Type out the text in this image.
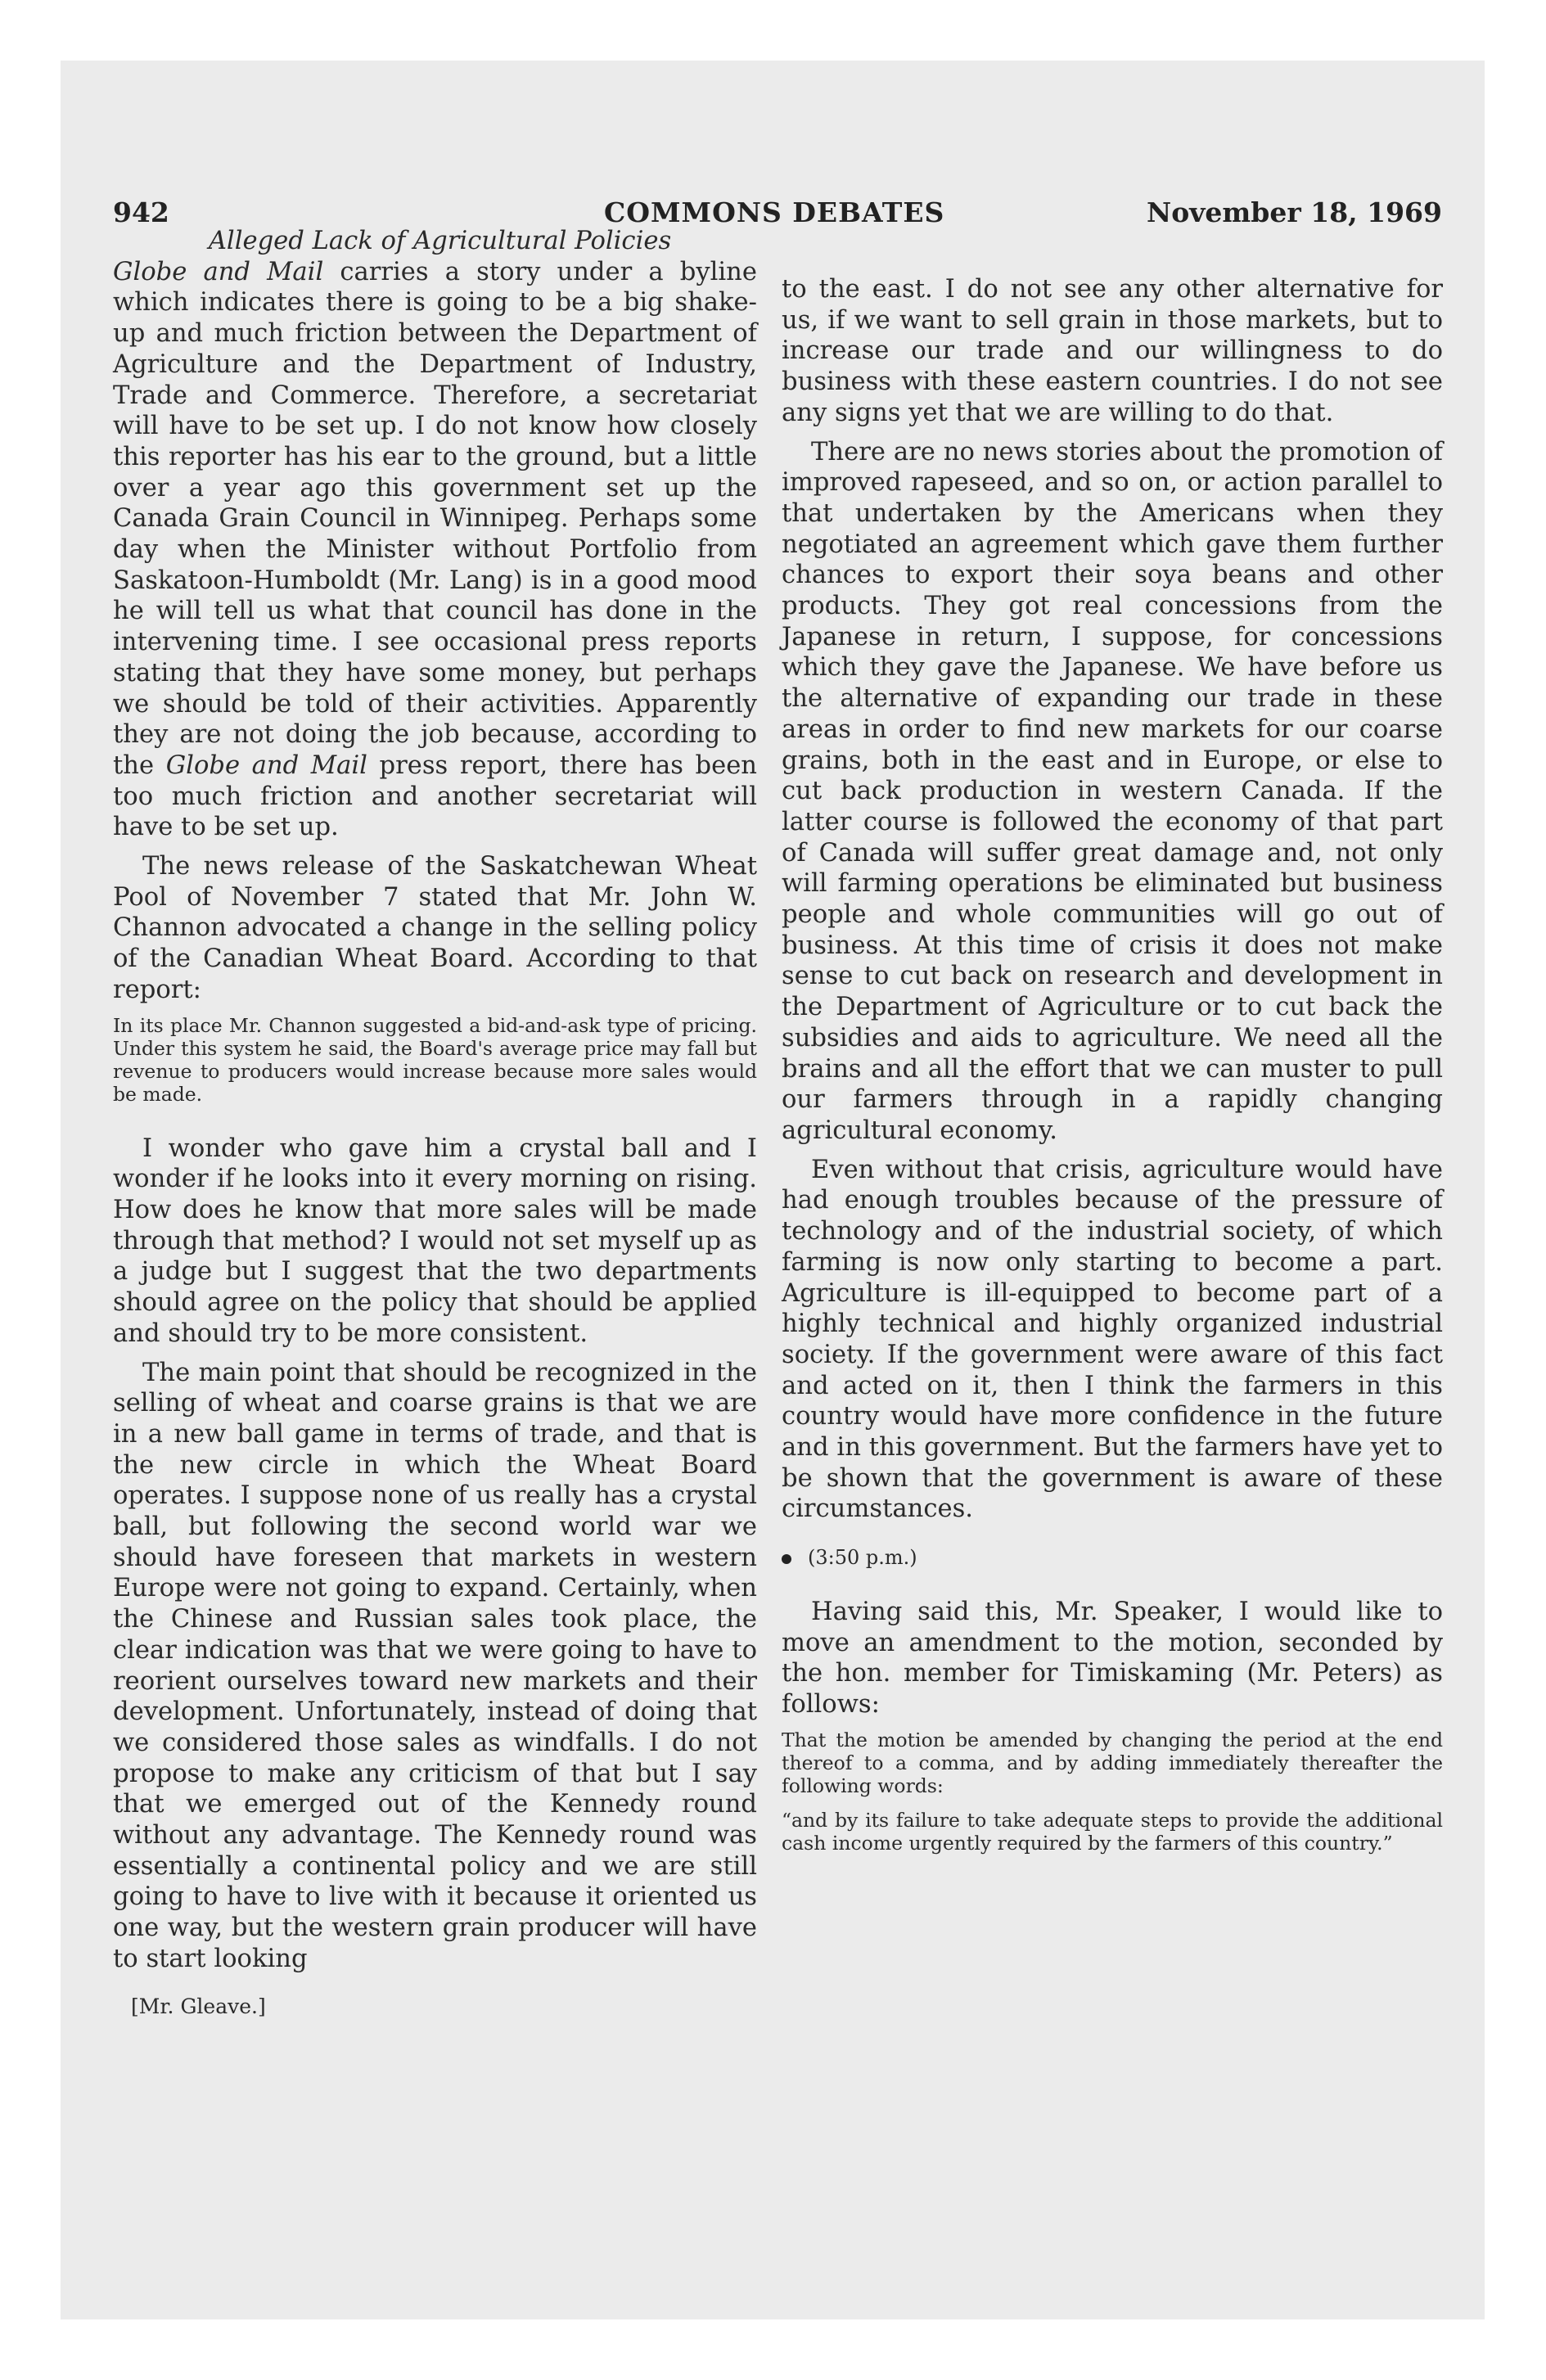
942	COMMONS DEBATES	November 18, 1969

Alleged Lack of Agricultural Policies

Globe and Mail carries a story under a byline which indicates there is going to be a big shake-up and much friction between the Department of Agriculture and the Department of Industry, Trade and Commerce. Therefore, a secretariat will have to be set up. I do not know how closely this reporter has his ear to the ground, but a little over a year ago this government set up the Canada Grain Council in Winnipeg. Perhaps some day when the Minister without Portfolio from Saskatoon-Humboldt (Mr. Lang) is in a good mood he will tell us what that council has done in the intervening time. I see occasional press reports stating that they have some money, but perhaps we should be told of their activities. Apparently they are not doing the job because, according to the Globe and Mail press report, there has been too much friction and another secretariat will have to be set up.

The news release of the Saskatchewan Wheat Pool of November 7 stated that Mr. John W. Channon advocated a change in the selling policy of the Canadian Wheat Board. According to that report:

In its place Mr. Channon suggested a bid-and-ask type of pricing. Under this system he said, the Board's average price may fall but revenue to producers would increase because more sales would be made.

I wonder who gave him a crystal ball and I wonder if he looks into it every morning on rising. How does he know that more sales will be made through that method? I would not set myself up as a judge but I suggest that the two departments should agree on the policy that should be applied and should try to be more consistent.

The main point that should be recognized in the selling of wheat and coarse grains is that we are in a new ball game in terms of trade, and that is the new circle in which the Wheat Board operates. I suppose none of us really has a crystal ball, but following the second world war we should have foreseen that markets in western Europe were not going to expand. Certainly, when the Chinese and Russian sales took place, the clear indication was that we were going to have to reorient ourselves toward new markets and their development. Unfortunately, instead of doing that we considered those sales as windfalls. I do not propose to make any criticism of that but I say that we emerged out of the Kennedy round without any advantage. The Kennedy round was essentially a continental policy and we are still going to have to live with it because it oriented us one way, but the western grain producer will have to start looking

[Mr. Gleave.]

to the east. I do not see any other alternative for us, if we want to sell grain in those markets, but to increase our trade and our willingness to do business with these eastern countries. I do not see any signs yet that we are willing to do that.

There are no news stories about the promotion of improved rapeseed, and so on, or action parallel to that undertaken by the Americans when they negotiated an agreement which gave them further chances to export their soya beans and other products. They got real concessions from the Japanese in return, I suppose, for concessions which they gave the Japanese. We have before us the alternative of expanding our trade in these areas in order to find new markets for our coarse grains, both in the east and in Europe, or else to cut back production in western Canada. If the latter course is followed the economy of that part of Canada will suffer great damage and, not only will farming operations be eliminated but business people and whole communities will go out of business. At this time of crisis it does not make sense to cut back on research and development in the Department of Agriculture or to cut back the subsidies and aids to agriculture. We need all the brains and all the effort that we can muster to pull our farmers through in a rapidly changing agricultural economy.

Even without that crisis, agriculture would have had enough troubles because of the pressure of technology and of the industrial society, of which farming is now only starting to become a part. Agriculture is ill-equipped to become part of a highly technical and highly organized industrial society. If the government were aware of this fact and acted on it, then I think the farmers in this country would have more confidence in the future and in this government. But the farmers have yet to be shown that the government is aware of these circumstances.

(3:50 p.m.)

Having said this, Mr. Speaker, I would like to move an amendment to the motion, seconded by the hon. member for Timiskaming (Mr. Peters) as follows:

That the motion be amended by changing the period at the end thereof to a comma, and by adding immediately thereafter the following words:

“and by its failure to take adequate steps to provide the additional cash income urgently required by the farmers of this country.”
